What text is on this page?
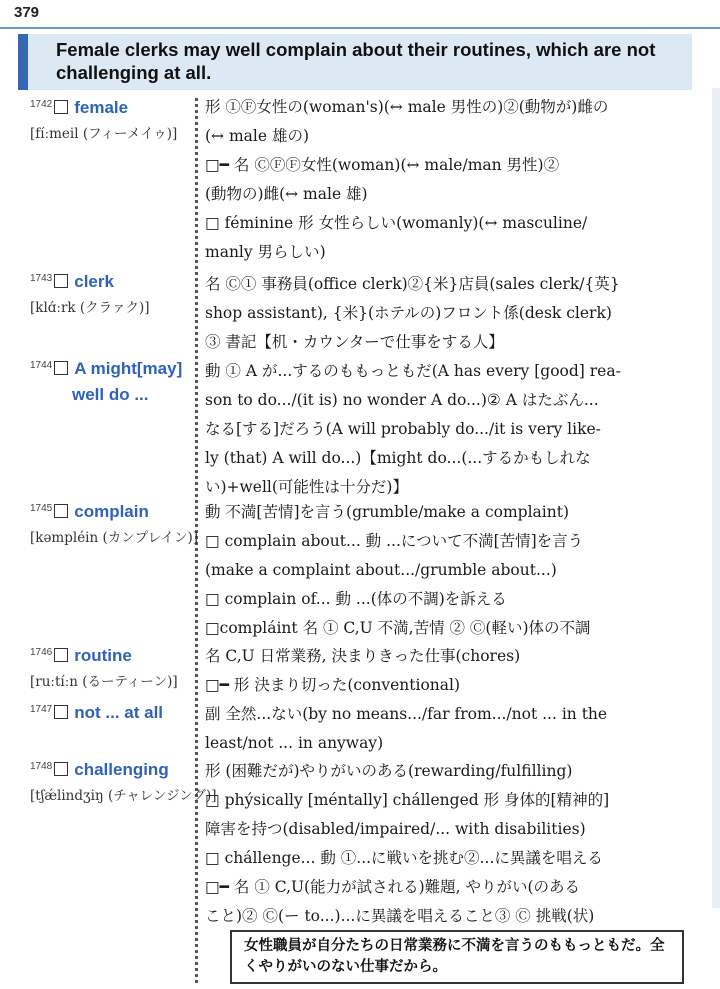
379
Female clerks may well complain about their routines, which are not challenging at all.
$^{1742}$ female
[fíːmeil (フィーメイゥ)]
形 ①Ⓕ女性の(woman's)(↔ male 男性の)②(動物が)雌の
(↔ male 雄の)
□━ 名 ⒸⒻⒻ女性(woman)(↔ male/man 男性)②
(動物の)雌(↔ male 雄)
□ féminine 形 女性らしい(womanly)(↔ masculine/
manly 男らしい)
$^{1743}$ clerk
[klɑ́ːrk (クラァク)]
名 Ⓒ① 事務員(office clerk)②{米}店員(sales clerk/{英}
shop assistant), {米}(ホテルの)フロント係(desk clerk)
③ 書記【机・カウンターで仕事をする人】
$^{1744}$ A might[may]
well do ...
動 ① A が...するのももっともだ(A has every [good] rea-
son to do.../(it is) no wonder A do...)② A はたぶん...
なる[する]だろう(A will probably do.../it is very like-
ly (that) A will do...)【might do...(...するかもしれな
い)+well(可能性は十分だ)】
$^{1745}$ complain
[kəmpléin (カンプレイン)]
動 不満[苦情]を言う(grumble/make a complaint)
□ complain about... 動 ...について不満[苦情]を言う
(make a complaint about.../grumble about...)
□ complain of... 動 ...(体の不調)を訴える
□compláint 名 ① C,U 不満,苦情 ② Ⓒ(軽い)体の不調
$^{1746}$ routine
[ruːtíːn (るーティーン)]
名 C,U 日常業務, 決まりきった仕事(chores)
□━ 形 決まり切った(conventional)
$^{1747}$ not ... at all	副 全然...ない(by no means.../far from.../not ... in the
least/not ... in anyway)
$^{1748}$ challenging
[tʃǽlindʒiŋ (チャレンジング)]
形 (困難だが)やりがいのある(rewarding/fulfilling)
□ phýsically [méntally] chállenged 形 身体的[精神的]
障害を持つ(disabled/impaired/... with disabilities)
□ chállenge... 動 ①...に戦いを挑む②...に異議を唱える
□━ 名 ① C,U(能力が試される)難題, やりがい(のある
こと)② Ⓒ(ー to...)...に異議を唱えること③ Ⓒ 挑戦(状)
女性職員が自分たちの日常業務に不満を言うのももっともだ。全くやりがいのない仕事だから。
